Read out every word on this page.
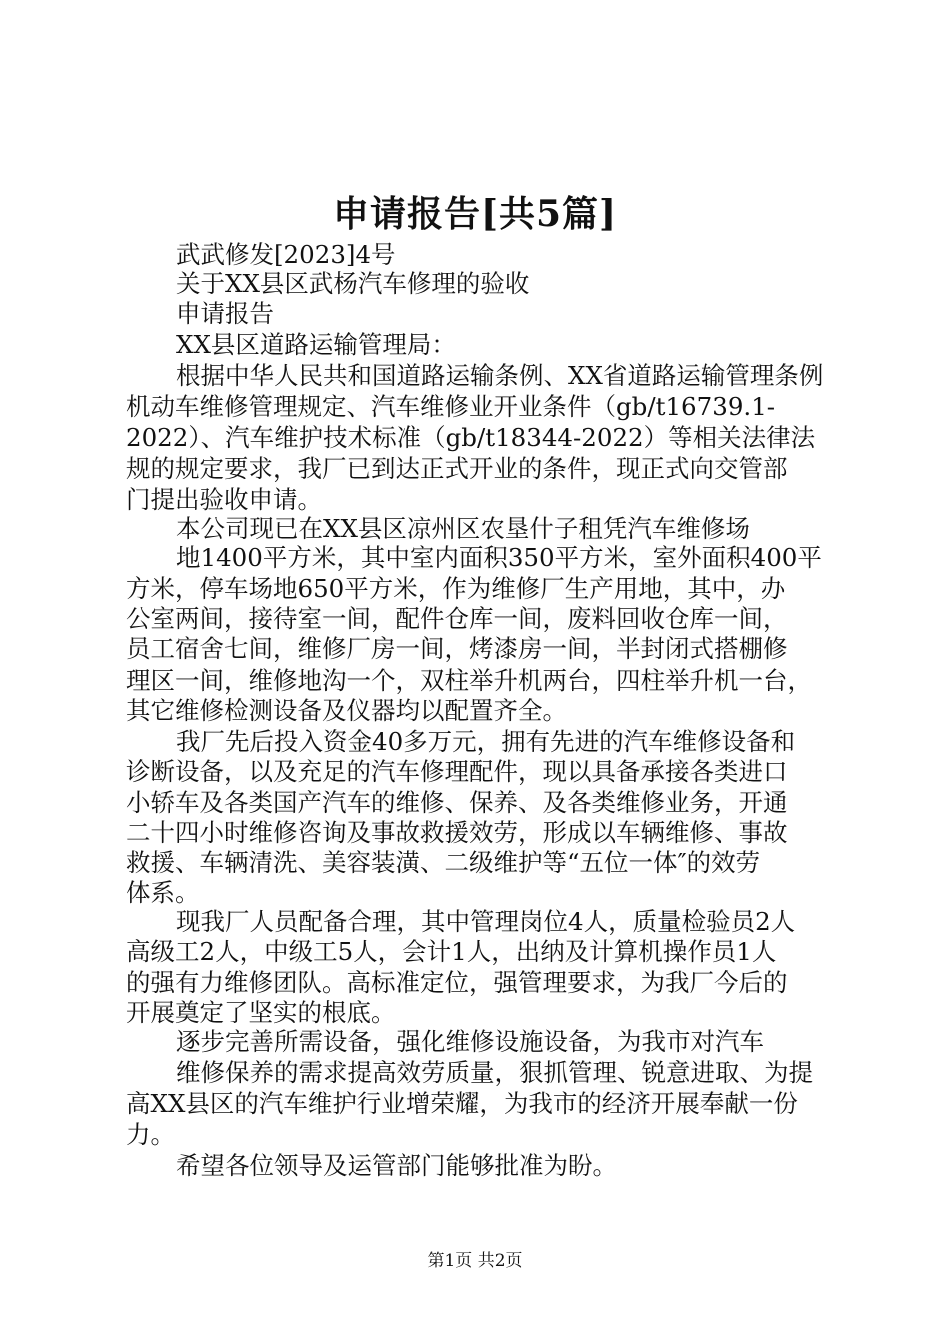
申请报告[共5篇]
武武修发[2023]4号
关于XX县区武杨汽车修理的验收
申请报告
XX县区道路运输管理局：
根据中华人民共和国道路运输条例、XX省道路运输管理条例
机动车维修管理规定、汽车维修业开业条件（gb/t16739.1-
2022）、汽车维护技术标准（gb/t18344-2022）等相关法律法
规的规定要求，我厂已到达正式开业的条件，现正式向交管部
门提出验收申请。
本公司现已在XX县区凉州区农垦什子租凭汽车维修场
地1400平方米，其中室内面积350平方米，室外面积400平
方米，停车场地650平方米，作为维修厂生产用地，其中，办
公室两间，接待室一间，配件仓库一间，废料回收仓库一间，
员工宿舍七间，维修厂房一间，烤漆房一间，半封闭式搭棚修
理区一间，维修地沟一个，双柱举升机两台，四柱举升机一台，
其它维修检测设备及仪器均以配置齐全。
我厂先后投入资金40多万元，拥有先进的汽车维修设备和
诊断设备，以及充足的汽车修理配件，现以具备承接各类进口
小轿车及各类国产汽车的维修、保养、及各类维修业务，开通
二十四小时维修咨询及事故救援效劳，形成以车辆维修、事故
救援、车辆清洗、美容装潢、二级维护等“五位一体″的效劳
体系。
现我厂人员配备合理，其中管理岗位4人，质量检验员2人
高级工2人，中级工5人，会计1人，出纳及计算机操作员1人
的强有力维修团队。高标准定位，强管理要求，为我厂今后的
开展奠定了坚实的根底。
逐步完善所需设备，强化维修设施设备，为我市对汽车
维修保养的需求提高效劳质量，狠抓管理、锐意进取、为提
高XX县区的汽车维护行业增荣耀，为我市的经济开展奉献一份
力。
希望各位领导及运管部门能够批准为盼。
第1页 共2页
